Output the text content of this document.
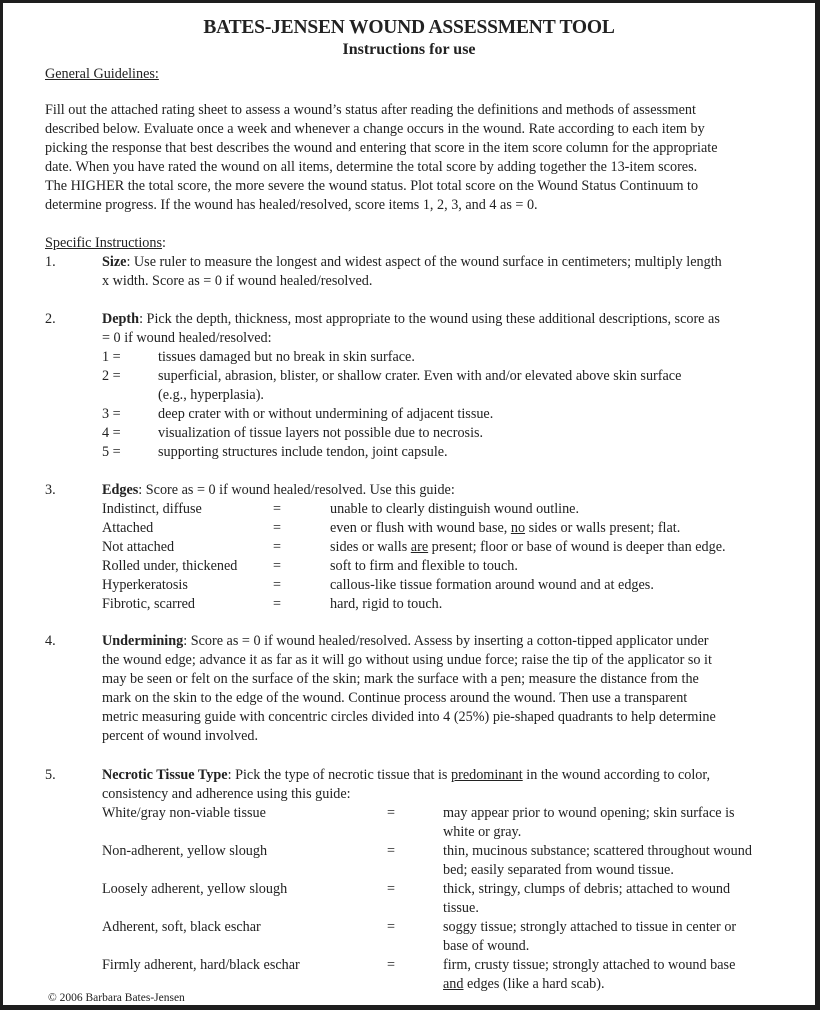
BATES-JENSEN WOUND ASSESSMENT TOOL
Instructions for use
General Guidelines:
Fill out the attached rating sheet to assess a wound’s status after reading the definitions and methods of assessment
described below. Evaluate once a week and whenever a change occurs in the wound. Rate according to each item by
picking the response that best describes the wound and entering that score in the item score column for the appropriate
date. When you have rated the wound on all items, determine the total score by adding together the 13-item scores.
The HIGHER the total score, the more severe the wound status. Plot total score on the Wound Status Continuum to
determine progress. If the wound has healed/resolved, score items 1, 2, 3, and 4 as = 0.
Specific Instructions:
1.	Size: Use ruler to measure the longest and widest aspect of the wound surface in centimeters; multiply length
x width. Score as = 0 if wound healed/resolved.
2.	Depth: Pick the depth, thickness, most appropriate to the wound using these additional descriptions, score as
= 0 if wound healed/resolved:
1 =	tissues damaged but no break in skin surface.
2 =	superficial, abrasion, blister, or shallow crater. Even with and/or elevated above skin surface
(e.g., hyperplasia).
3 =	deep crater with or without undermining of adjacent tissue.
4 =	visualization of tissue layers not possible due to necrosis.
5 =	supporting structures include tendon, joint capsule.
3.	Edges: Score as = 0 if wound healed/resolved. Use this guide:
Indistinct, diffuse	=	unable to clearly distinguish wound outline.
Attached	=	even or flush with wound base, no sides or walls present; flat.
Not attached	=	sides or walls are present; floor or base of wound is deeper than edge.
Rolled under, thickened	=	soft to firm and flexible to touch.
Hyperkeratosis	=	callous-like tissue formation around wound and at edges.
Fibrotic, scarred	=	hard, rigid to touch.
4.	Undermining: Score as = 0 if wound healed/resolved. Assess by inserting a cotton-tipped applicator under
the wound edge; advance it as far as it will go without using undue force; raise the tip of the applicator so it
may be seen or felt on the surface of the skin; mark the surface with a pen; measure the distance from the
mark on the skin to the edge of the wound. Continue process around the wound. Then use a transparent
metric measuring guide with concentric circles divided into 4 (25%) pie-shaped quadrants to help determine
percent of wound involved.
5.	Necrotic Tissue Type: Pick the type of necrotic tissue that is predominant in the wound according to color,
consistency and adherence using this guide:
White/gray non-viable tissue	=	may appear prior to wound opening; skin surface is
white or gray.
Non-adherent, yellow slough	=	thin, mucinous substance; scattered throughout wound
bed; easily separated from wound tissue.
Loosely adherent, yellow slough	=	thick, stringy, clumps of debris; attached to wound
tissue.
Adherent, soft, black eschar	=	soggy tissue; strongly attached to tissue in center or
base of wound.
Firmly adherent, hard/black eschar	=	firm, crusty tissue; strongly attached to wound base
and edges (like a hard scab).
© 2006 Barbara Bates-Jensen
